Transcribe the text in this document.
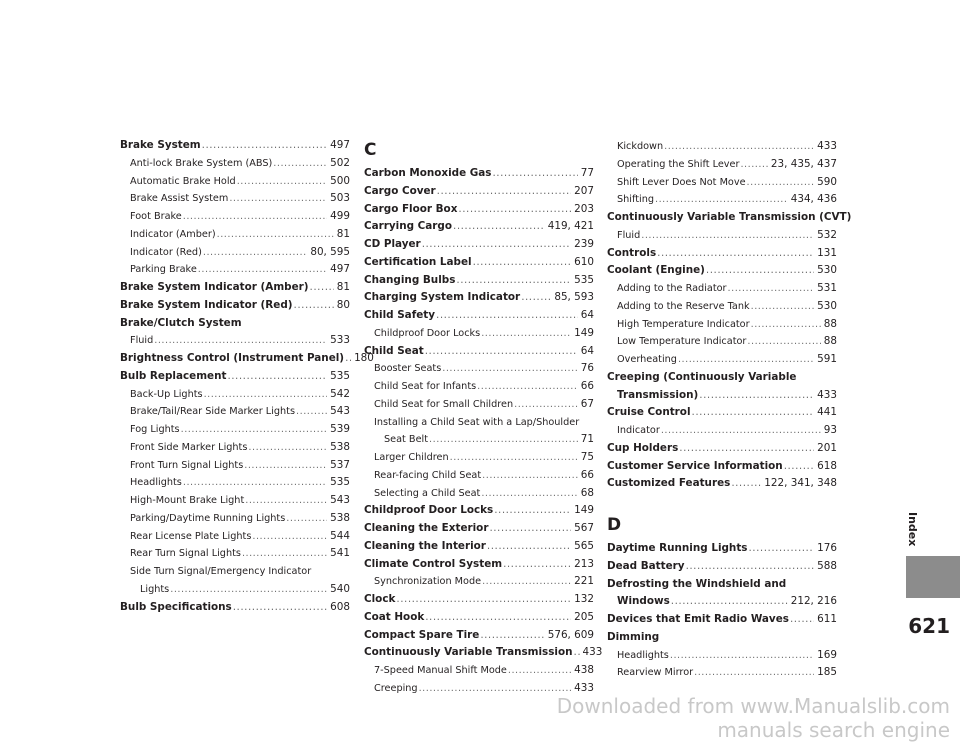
Brake System .....	497
Anti-lock Brake System (ABS) .....	502
Automatic Brake Hold .....	500
Brake Assist System .....	503
Foot Brake .....	499
Indicator (Amber) .....	81
Indicator (Red) .....	80, 595
Parking Brake .....	497
Brake System Indicator (Amber) .....	81
Brake System Indicator (Red) .....	80
Brake/Clutch System
Fluid .....	533
Brightness Control (Instrument Panel) ..... 180
Bulb Replacement .....	535
Back-Up Lights .....	542
Brake/Tail/Rear Side Marker Lights .....	543
Fog Lights .....	539
Front Side Marker Lights .....	538
Front Turn Signal Lights .....	537
Headlights .....	535
High-Mount Brake Light .....	543
Parking/Daytime Running Lights .....	538
Rear License Plate Lights .....	544
Rear Turn Signal Lights .....	541
Side Turn Signal/Emergency Indicator
Lights .....	540
Bulb Specifications .....	608
C
Carbon Monoxide Gas .....	77
Cargo Cover .....	207
Cargo Floor Box .....	203
Carrying Cargo .....	419, 421
CD Player .....	239
Certification Label .....	610
Changing Bulbs .....	535
Charging System Indicator .....	85, 593
Child Safety .....	64
Childproof Door Locks .....	149
Child Seat .....	64
Booster Seats .....	76
Child Seat for Infants .....	66
Child Seat for Small Children .....	67
Installing a Child Seat with a Lap/Shoulder
Seat Belt .....	71
Larger Children .....	75
Rear-facing Child Seat .....	66
Selecting a Child Seat .....	68
Childproof Door Locks .....	149
Cleaning the Exterior .....	567
Cleaning the Interior .....	565
Climate Control System .....	213
Synchronization Mode .....	221
Clock .....	132
Coat Hook .....	205
Compact Spare Tire .....	576, 609
Continuously Variable Transmission ..... 433
7-Speed Manual Shift Mode .....	438
Creeping .....	433
Kickdown .....	433
Operating the Shift Lever .....	23, 435, 437
Shift Lever Does Not Move .....	590
Shifting .....	434, 436
Continuously Variable Transmission (CVT)
Fluid .....	532
Controls .....	131
Coolant (Engine) .....	530
Adding to the Radiator .....	531
Adding to the Reserve Tank .....	530
High Temperature Indicator .....	88
Low Temperature Indicator .....	88
Overheating .....	591
Creeping (Continuously Variable
Transmission) .....	433
Cruise Control .....	441
Indicator .....	93
Cup Holders .....	201
Customer Service Information .....	618
Customized Features .....	122, 341, 348
D
Daytime Running Lights .....	176
Dead Battery .....	588
Defrosting the Windshield and
Windows .....	212, 216
Devices that Emit Radio Waves .....	611
Dimming
Headlights .....	169
Rearview Mirror .....	185
Index
621
Downloaded from www.Manualslib.com manuals search engine
